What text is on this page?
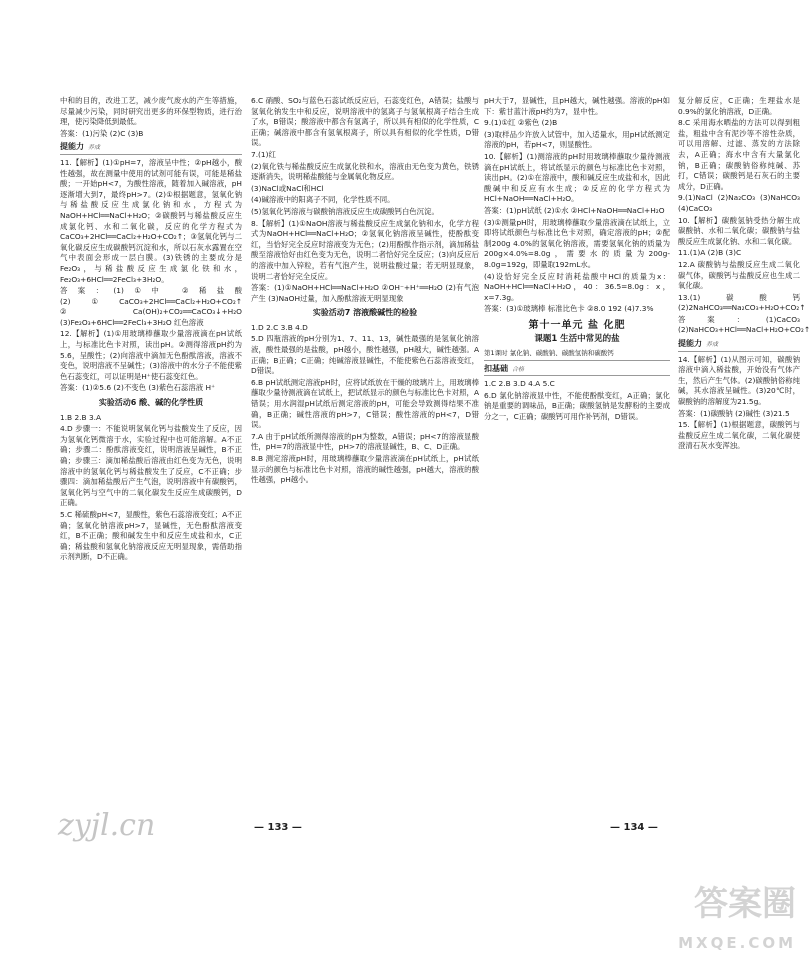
中和的目的，改进工艺，减少废气废水的产生等措施，尽量减少污染，同时研究出更多的环保型物质，进行治理，使污染降低到最低。

答案：(1)污染 (2)C (3)B

提能力 养成

11.【解析】(1)①pH=7，溶液呈中性；②pH越小，酸性越强，故在测量中使用的试剂可能有误，可能是稀盐酸；一开始pH<7，为酸性溶液，随着加入碱溶液，pH逐渐增大到7，最终pH>7。(2)①根据题意，氢氧化钠与稀盐酸反应生成氯化钠和水，方程式为NaOH+HCl══NaCl+H₂O；②碳酸钙与稀盐酸反应生成氯化钙、水和二氧化碳，反应的化学方程式为CaCO₃+2HCl══CaCl₂+H₂O+CO₂↑；③氢氧化钙与二氧化碳反应生成碳酸钙沉淀和水，所以石灰水露置在空气中表面会形成一层白膜。(3)铁锈的主要成分是Fe₂O₃，与稀盐酸反应生成氯化铁和水，Fe₂O₃+6HCl══2FeCl₃+3H₂O。

答案：(1)①中 ②稀盐酸 (2)①CaCO₃+2HCl══CaCl₂+H₂O+CO₂↑ ②Ca(OH)₂+CO₂══CaCO₃↓+H₂O (3)Fe₂O₃+6HCl══2FeCl₃+3H₂O 红色溶液

12.【解析】(1)①用玻璃棒蘸取少量溶液滴在pH试纸上，与标准比色卡对照，读出pH。②测得溶液pH约为5.6，呈酸性；(2)向溶液中滴加无色酚酞溶液，溶液不变色，说明溶液不呈碱性；(3)溶液中的水分子不能使紫色石蕊变红，可以证明是H⁺使石蕊变红色。

答案：(1)②5.6 (2)不变色 (3)紫色石蕊溶液 H⁺

实验活动6 酸、碱的化学性质

1.B 2.B 3.A

4.D 步骤一：不能说明氢氧化钙与盐酸发生了反应，因为氢氧化钙微溶于水，实验过程中也可能溶解。A不正确；步骤二：酚酞溶液变红，说明溶液呈碱性，B不正确；步骤三：滴加稀盐酸后溶液由红色变为无色，说明溶液中的氢氧化钙与稀盐酸发生了反应，C不正确；步骤四：滴加稀盐酸后产生气泡，说明溶液中有碳酸钙，氢氧化钙与空气中的二氧化碳发生反应生成碳酸钙，D正确。

5.C 稀硫酸pH<7，显酸性，紫色石蕊溶液变红；A不正确；氢氧化钠溶液pH>7，显碱性，无色酚酞溶液变红，B不正确；酸和碱发生中和反应生成盐和水，C正确；稀盐酸和氢氧化钠溶液反应无明显现象，需借助指示剂判断，D不正确。

6.C 硝酸、SO₂与蓝色石蕊试纸反应后，石蕊变红色，A错误；盐酸与氢氧化钠发生中和反应，说明溶液中的氢离子与氢氧根离子结合生成了水，B错误；酸溶液中都含有氢离子，所以具有相似的化学性质，C正确；碱溶液中都含有氢氧根离子，所以具有相似的化学性质，D错误。

7.(1)红

(2)氧化铁与稀盐酸反应生成氯化铁和水，溶液由无色变为黄色，铁锈逐渐消失，说明稀盐酸能与金属氧化物反应。

(3)NaCl或NaCl和HCl

(4)碱溶液中的阳离子不同，化学性质不同。

(5)氢氧化钙溶液与碳酸钠溶液反应生成碳酸钙白色沉淀。

8.【解析】(1)①NaOH溶液与稀盐酸反应生成氯化钠和水，化学方程式为NaOH+HCl══NaCl+H₂O；②氢氧化钠溶液呈碱性，使酚酞变红，当恰好完全反应时溶液变为无色；(2)用酚酞作指示剂，滴加稀盐酸至溶液恰好由红色变为无色，说明二者恰好完全反应；(3)向反应后的溶液中加入锌粒，若有气泡产生，说明盐酸过量；若无明显现象，说明二者恰好完全反应。

答案：(1)①NaOH+HCl══NaCl+H₂O ②OH⁻+H⁺══H₂O (2)有气泡产生 (3)NaOH过量，加入酚酞溶液无明显现象

实验活动7 溶液酸碱性的检验

1.D 2.C 3.B 4.D

5.D 四瓶溶液的pH分别为1、7、11、13，碱性最强的是氢氧化钠溶液，酸性最强的是盐酸，pH越小，酸性越强，pH越大，碱性越强。A正确；B正确；C正确；纯碱溶液显碱性，不能使紫色石蕊溶液变红，D错误。

6.B pH试纸测定溶液pH时，应将试纸放在干燥的玻璃片上，用玻璃棒蘸取少量待测液滴在试纸上，把试纸显示的颜色与标准比色卡对照，A错误；用水润湿pH试纸后测定溶液的pH，可能会导致测得结果不准确，B正确；碱性溶液的pH>7，C错误；酸性溶液的pH<7，D错误。

7.A 由于pH试纸所测得溶液的pH为整数，A错误；pH<7的溶液显酸性，pH=7的溶液显中性，pH>7的溶液显碱性，B、C、D正确。

8.B 测定溶液pH时，用玻璃棒蘸取少量溶液滴在pH试纸上，pH试纸显示的颜色与标准比色卡对照，溶液的碱性越强，pH越大，溶液的酸性越强，pH越小。

pH大于7，显碱性，且pH越大，碱性越强。溶液的pH如下：紫甘蓝汁液pH约为7，显中性。

9.(1)①红 ②紫色 (2)B

(3)取样品少许放入试管中，加入适量水，用pH试纸测定溶液的pH，若pH<7，则显酸性。

10.【解析】(1)测溶液的pH时用玻璃棒蘸取少量待测液滴在pH试纸上，将试纸显示的颜色与标准比色卡对照，读出pH。(2)①在溶液中，酸和碱反应生成盐和水，因此酸碱中和反应有水生成；②反应的化学方程式为HCl+NaOH══NaCl+H₂O。

答案：(1)pH试纸 (2)①水 ②HCl+NaOH══NaCl+H₂O

(3)①测量pH时，用玻璃棒蘸取少量溶液滴在试纸上，立即将试纸颜色与标准比色卡对照，确定溶液的pH；②配制200g 4.0%的氢氧化钠溶液，需要氢氧化钠的质量为200g×4.0%=8.0g，需要水的质量为200g-8.0g=192g，即量取192mL水。

(4)设恰好完全反应时消耗盐酸中HCl的质量为x：NaOH+HCl══NaCl+H₂O，40：36.5=8.0g：x，x=7.3g。

答案：(3)①玻璃棒 标准比色卡 ②8.0 192 (4)7.3%

第十一单元 盐 化肥

课题1 生活中常见的盐

第1课时 氯化钠、碳酸钠、碳酸氢钠和碳酸钙

扣基础 合格

1.C 2.B 3.D 4.A 5.C

6.D 氯化钠溶液显中性，不能使酚酞变红，A正确；氯化钠是重要的调味品，B正确；碳酸氢钠是发酵粉的主要成分之一，C正确；碳酸钙可用作补钙剂，D错误。

复分解反应，C正确；生理盐水是0.9%的氯化钠溶液，D正确。

8.C 采用海水晒盐的方法可以得到粗盐，粗盐中含有泥沙等不溶性杂质，可以用溶解、过滤、蒸发的方法除去，A正确；海水中含有大量氯化钠，B正确；碳酸钠俗称纯碱、苏打，C错误；碳酸钙是石灰石的主要成分，D正确。

9.(1)NaCl (2)Na₂CO₃ (3)NaHCO₃ (4)CaCO₃

10.【解析】碳酸氢钠受热分解生成碳酸钠、水和二氧化碳；碳酸钠与盐酸反应生成氯化钠、水和二氧化碳。

11.(1)A (2)B (3)C

12.A 碳酸钠与盐酸反应生成二氧化碳气体，碳酸钙与盐酸反应也生成二氧化碳。

13.(1)碳酸钙 (2)2NaHCO₃══Na₂CO₃+H₂O+CO₂↑

答案：(1)CaCO₃ (2)NaHCO₃+HCl══NaCl+H₂O+CO₂↑

提能力 养成

14.【解析】(1)从图示可知，碳酸钠溶液中滴入稀盐酸，开始没有气体产生，然后产生气体。(2)碳酸钠俗称纯碱，其水溶液呈碱性。(3)20℃时，碳酸钠的溶解度为21.5g。

答案：(1)碳酸钠 (2)碱性 (3)21.5

15.【解析】(1)根据题意，碳酸钙与盐酸反应生成二氧化碳，二氧化碳使澄清石灰水变浑浊。

— 133 —	— 134 —
zyjl.cn
答案圈
MXQE.COM
